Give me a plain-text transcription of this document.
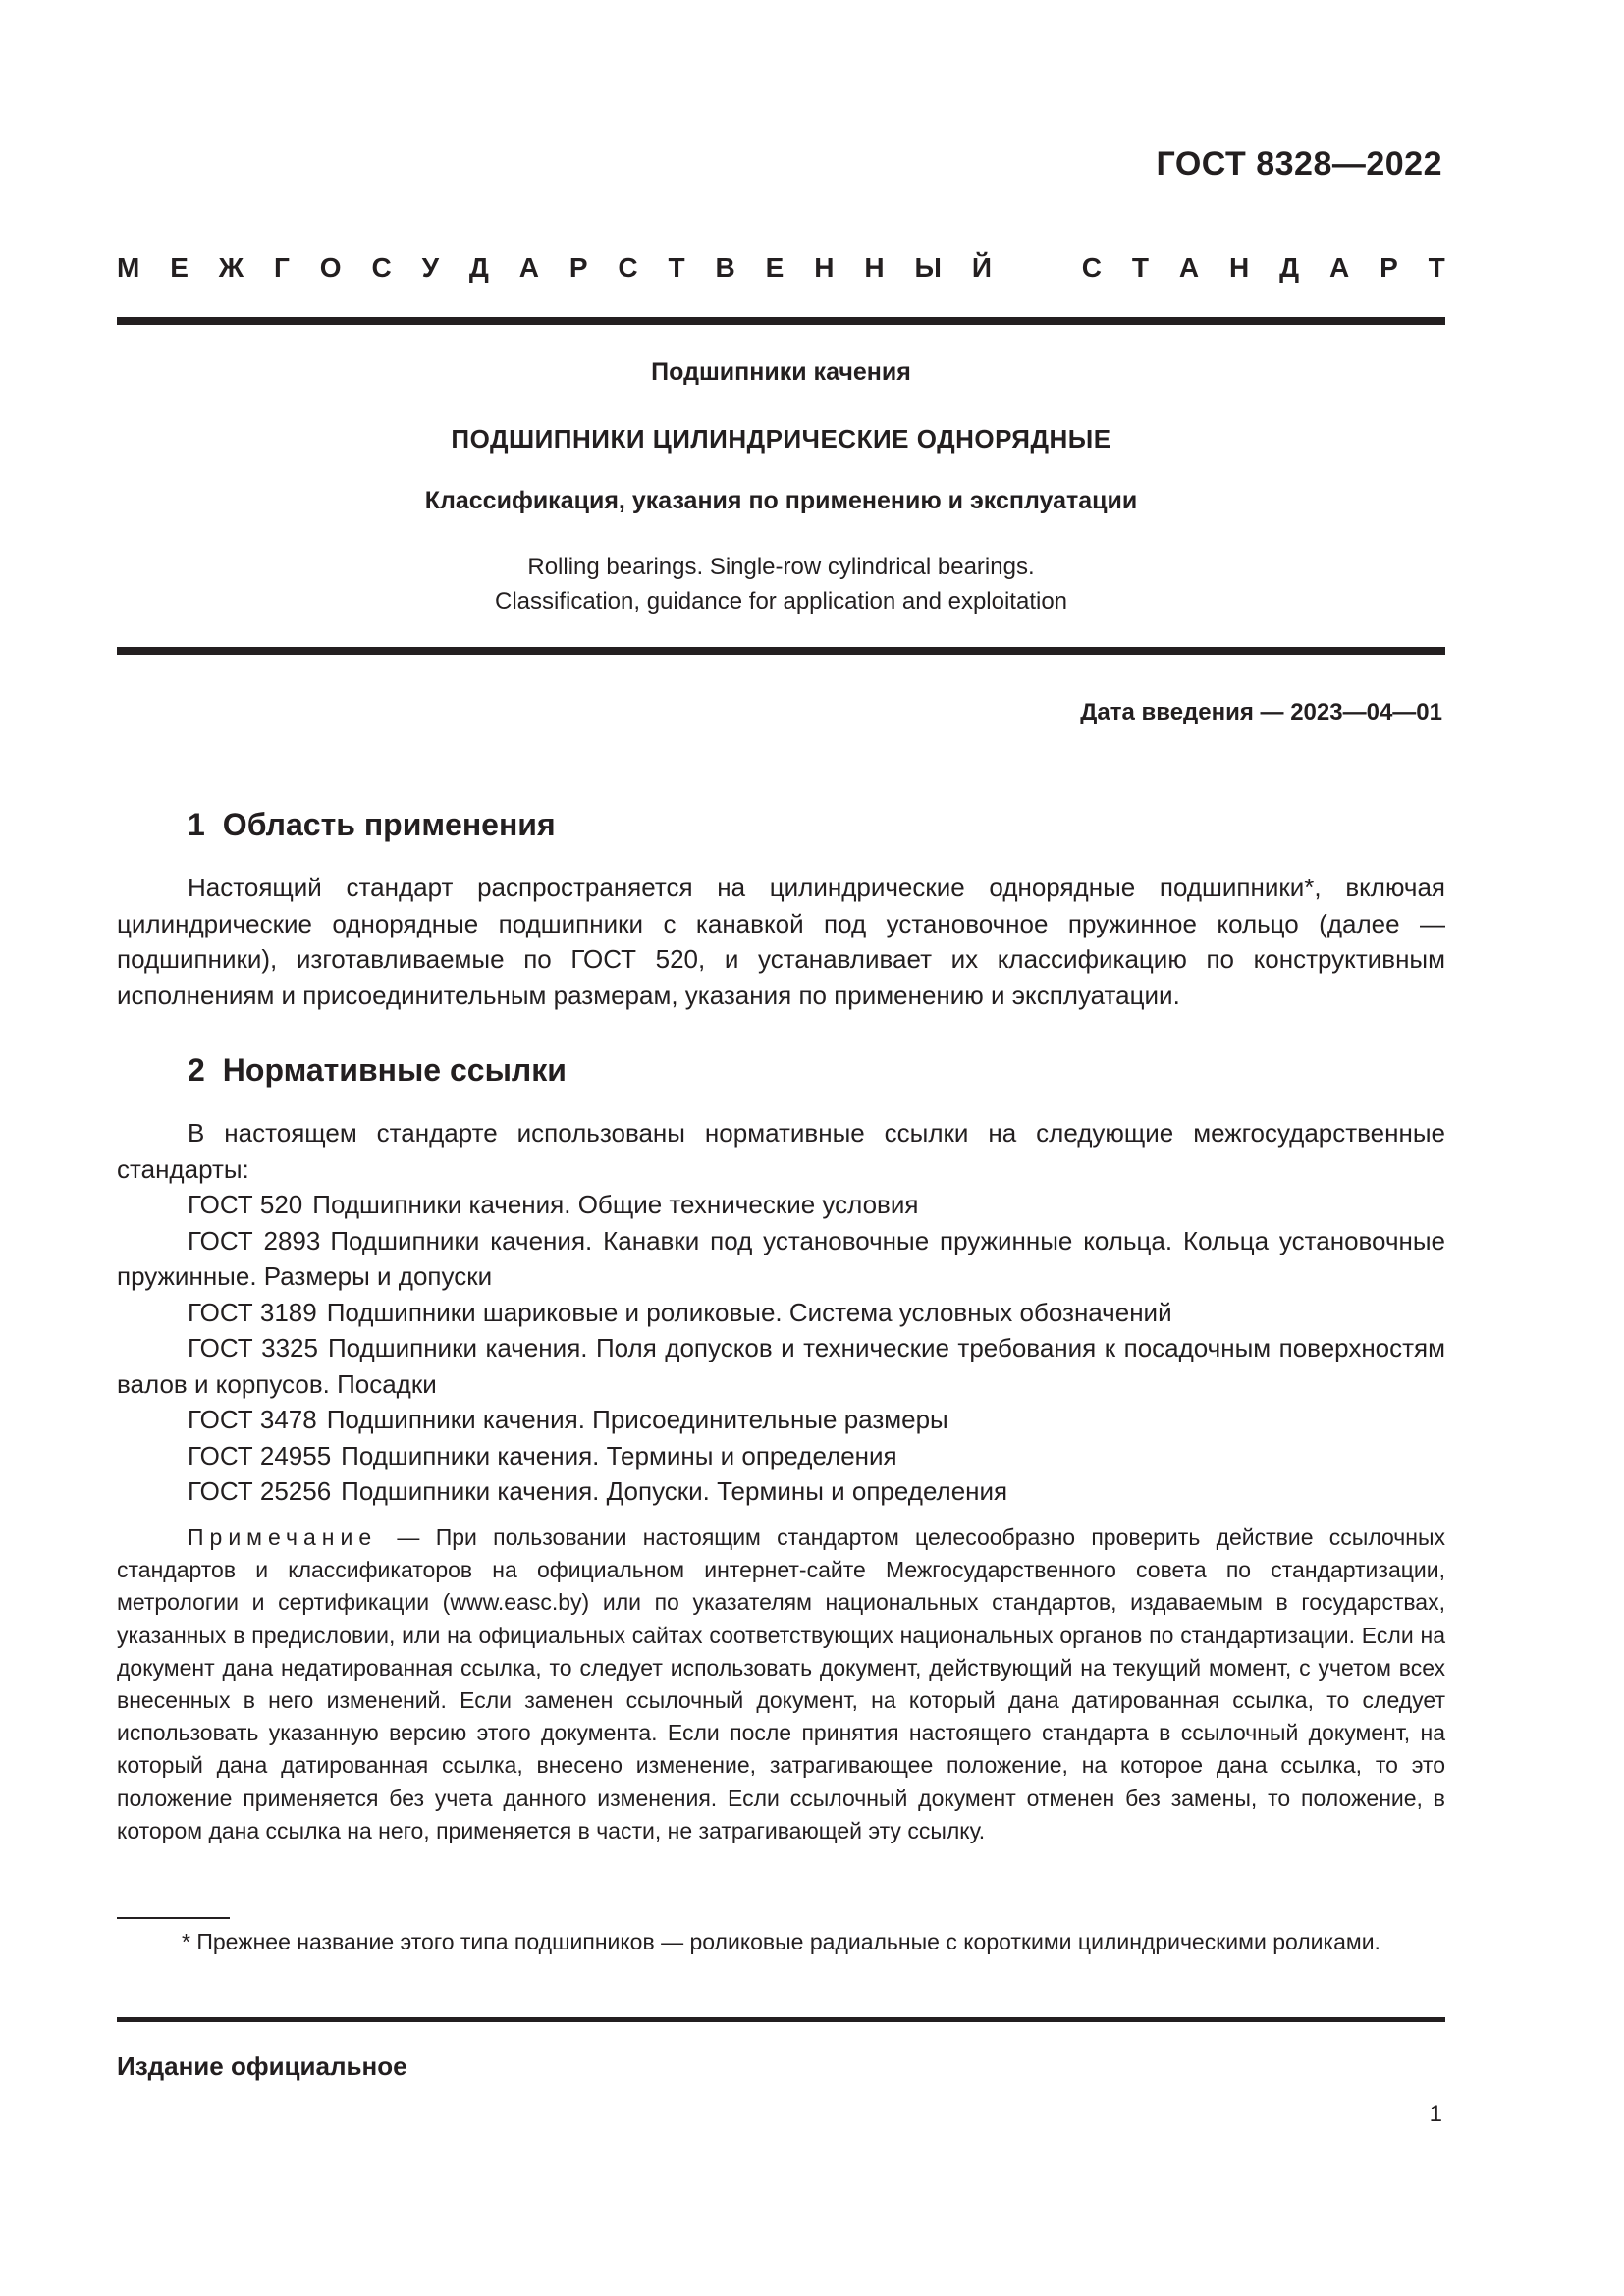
ГОСТ 8328—2022
М Е Ж Г О С У Д А Р С Т В Е Н Н Ы Й	С Т А Н Д А Р Т
Подшипники качения
ПОДШИПНИКИ ЦИЛИНДРИЧЕСКИЕ ОДНОРЯДНЫЕ
Классификация, указания по применению и эксплуатации
Rolling bearings. Single-row cylindrical bearings.
Classification, guidance for application and exploitation
Дата введения — 2023—04—01
1 Область применения
Настоящий стандарт распространяется на цилиндрические однорядные подшипники*, включая цилиндрические однорядные подшипники с канавкой под установочное пружинное кольцо (далее — подшипники), изготавливаемые по ГОСТ 520, и устанавливает их классификацию по конструктивным исполнениям и присоединительным размерам, указания по применению и эксплуатации.
2 Нормативные ссылки

В настоящем стандарте использованы нормативные ссылки на следующие межгосударственные стандарты:

ГОСТ 520 Подшипники качения. Общие технические условия

ГОСТ 2893 Подшипники качения. Канавки под установочные пружинные кольца. Кольца установочные пружинные. Размеры и допуски

ГОСТ 3189 Подшипники шариковые и роликовые. Система условных обозначений

ГОСТ 3325 Подшипники качения. Поля допусков и технические требования к посадочным поверхностям валов и корпусов. Посадки

ГОСТ 3478 Подшипники качения. Присоединительные размеры

ГОСТ 24955 Подшипники качения. Термины и определения

ГОСТ 25256 Подшипники качения. Допуски. Термины и определения

Примечание — При пользовании настоящим стандартом целесообразно проверить действие ссылочных стандартов и классификаторов на официальном интернет-сайте Межгосударственного совета по стандартизации, метрологии и сертификации (www.easc.by) или по указателям национальных стандартов, издаваемым в государствах, указанных в предисловии, или на официальных сайтах соответствующих национальных органов по стандартизации. Если на документ дана недатированная ссылка, то следует использовать документ, действующий на текущий момент, с учетом всех внесенных в него изменений. Если заменен ссылочный документ, на который дана датированная ссылка, то следует использовать указанную версию этого документа. Если после принятия настоящего стандарта в ссылочный документ, на который дана датированная ссылка, внесено изменение, затрагивающее положение, на которое дана ссылка, то это положение применяется без учета данного изменения. Если ссылочный документ отменен без замены, то положение, в котором дана ссылка на него, применяется в части, не затрагивающей эту ссылку.
* Прежнее название этого типа подшипников — роликовые радиальные с короткими цилиндрическими роликами.
Издание официальное
1
